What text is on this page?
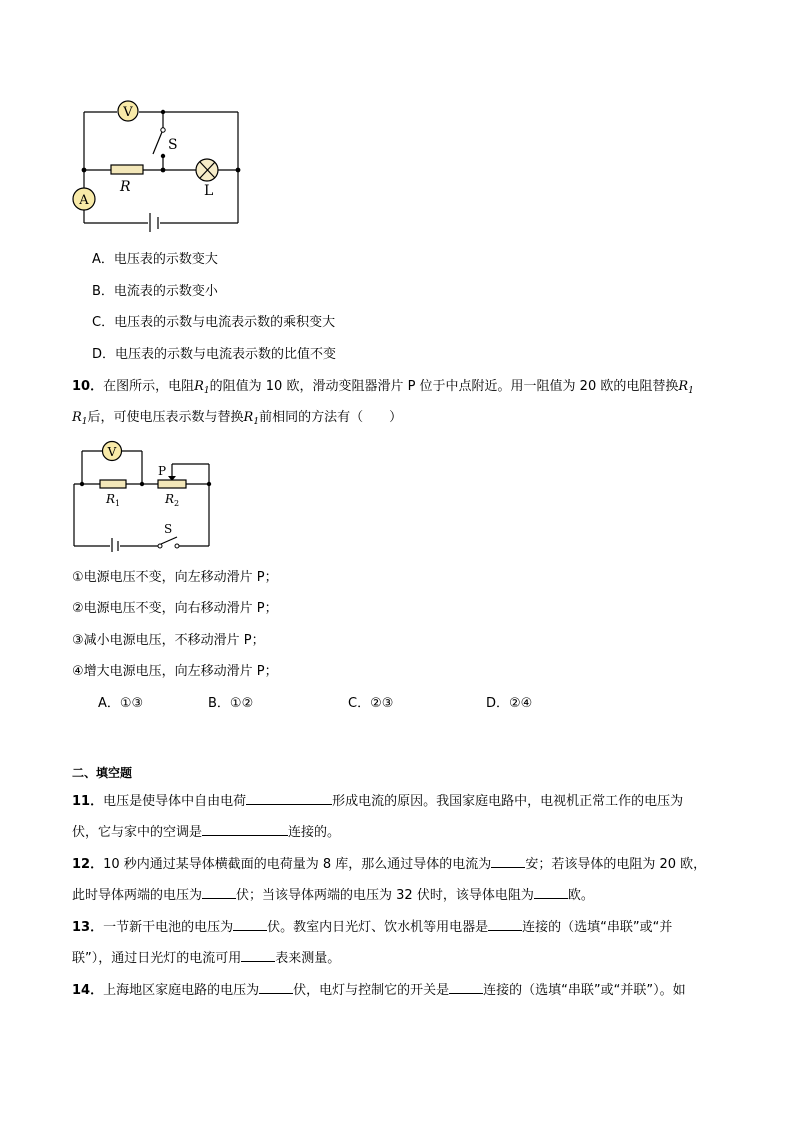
V
A
S
R	L
A．电压表的示数变大
B．电流表的示数变小
C．电压表的示数与电流表示数的乘积变大
D．电压表的示数与电流表示数的比值不变
10．在图所示，电阻$R_1$的阻值为 10 欧，滑动变阻器滑片 P 位于中点附近。用一阻值为 20 欧的电阻替换$R_1$
$R_1$后，可使电压表示数与替换$R_1$前相同的方法有（　　）
V
P
$R_1$	$R_2$
S
①电源电压不变，向左移动滑片 P；
②电源电压不变，向右移动滑片 P；
③减小电源电压，不移动滑片 P；
④增大电源电压，向左移动滑片 P；
A．①③	B．①②	C．②③	D．②④
二、填空题
11．电压是使导体中自由电荷	形成电流的原因。我国家庭电路中，电视机正常工作的电压为
伏，它与家中的空调是	连接的。
12．10 秒内通过某导体横截面的电荷量为 8 库，那么通过导体的电流为	安；若该导体的电阻为 20 欧，
此时导体两端的电压为	伏；当该导体两端的电压为 32 伏时，该导体电阻为	欧。
13．一节新干电池的电压为	伏。教室内日光灯、饮水机等用电器是	连接的（选填“串联”或“并
联”），通过日光灯的电流可用	表来测量。
14．上海地区家庭电路的电压为	伏，电灯与控制它的开关是	连接的（选填“串联”或“并联”）。如
